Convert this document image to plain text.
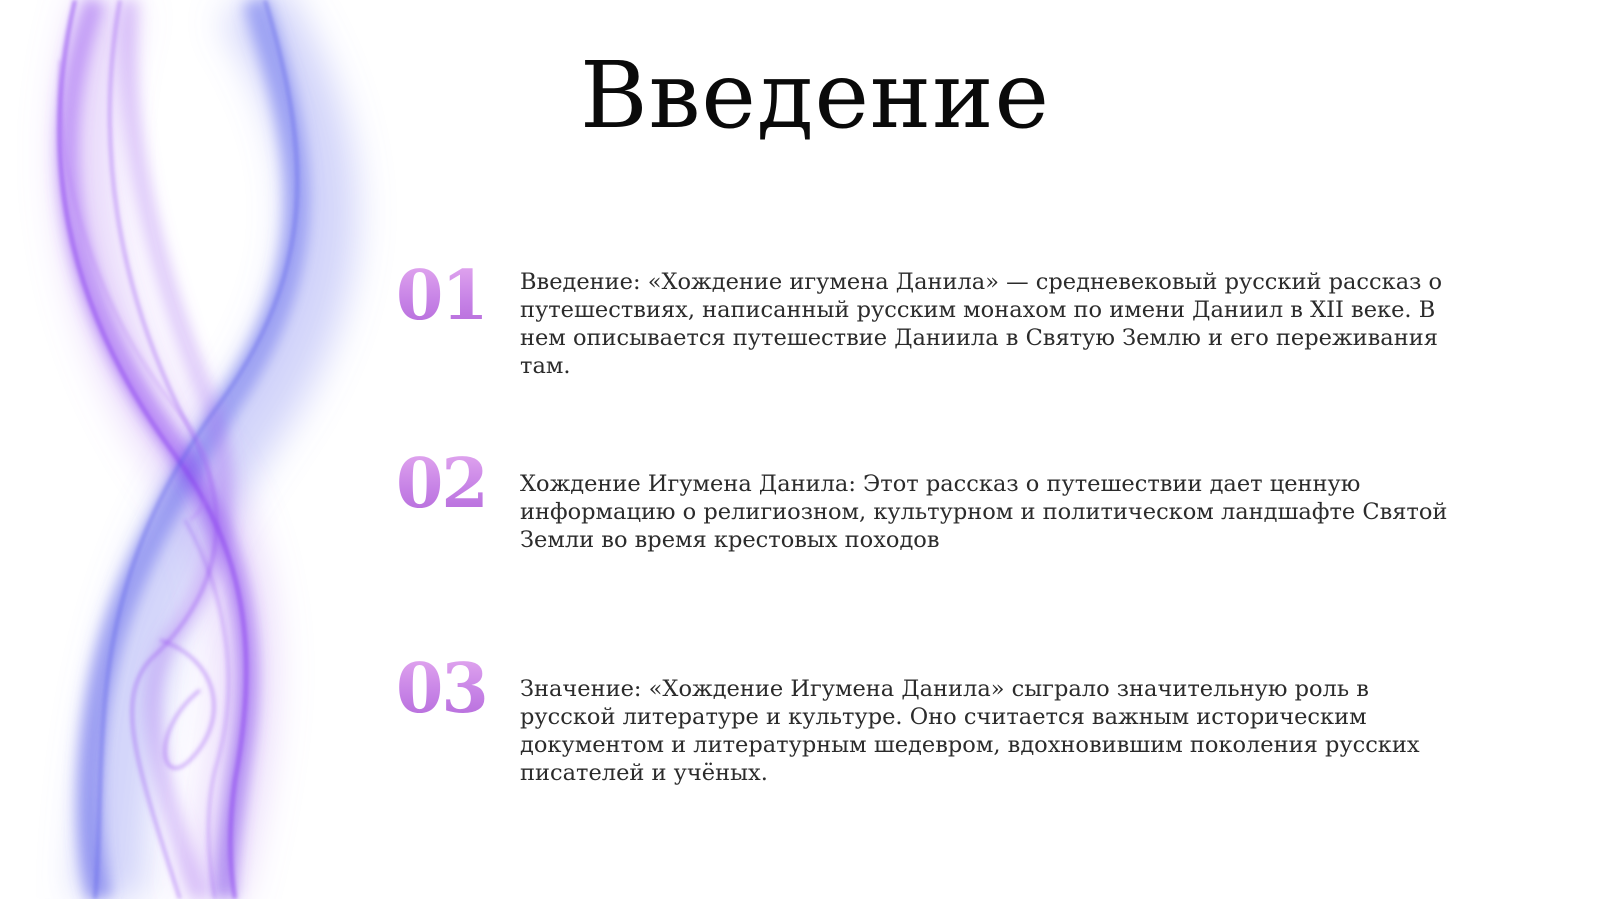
Введение
01 Введение: «Хождение игумена Данила» — средневековый русский рассказ о путешествиях, написанный русским монахом по имени Даниил в XII веке. В нем описывается путешествие Даниила в Святую Землю и его переживания там.

02 Хождение Игумена Данила: Этот рассказ о путешествии дает ценную информацию о религиозном, культурном и политическом ландшафте Святой Земли во время крестовых походов

03 Значение: «Хождение Игумена Данила» сыграло значительную роль в русской литературе и культуре. Оно считается важным историческим документом и литературным шедевром, вдохновившим поколения русских писателей и учёных.
